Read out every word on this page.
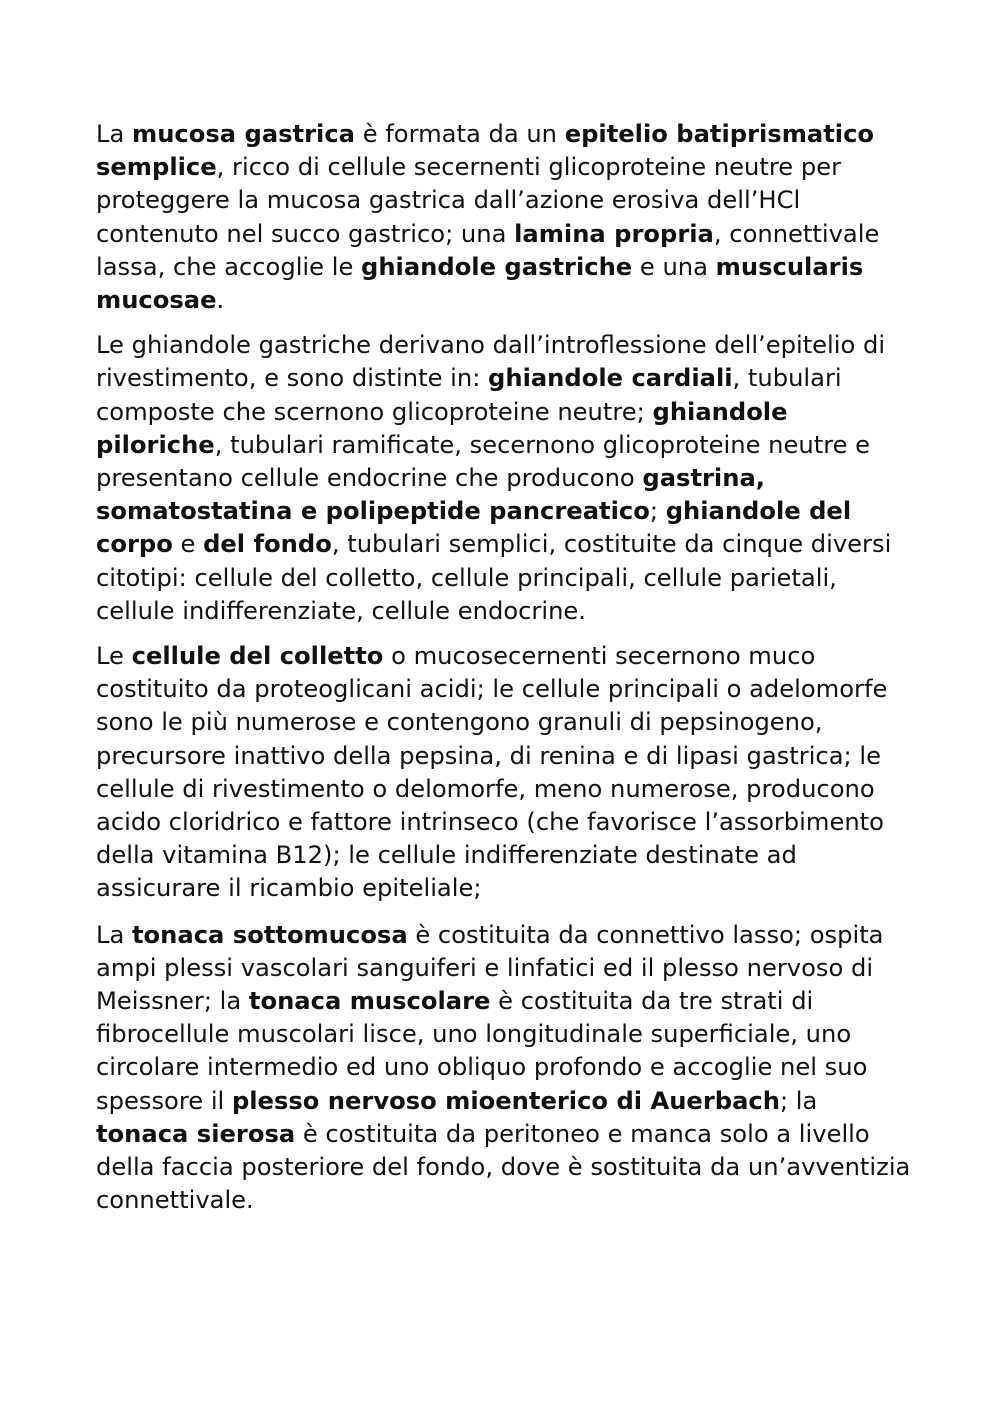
La mucosa gastrica è formata da un epitelio batiprismatico semplice, ricco di cellule secernenti glicoproteine neutre per proteggere la mucosa gastrica dall’azione erosiva dell’HCl contenuto nel succo gastrico; una lamina propria, connettivale lassa, che accoglie le ghiandole gastriche e una muscularis mucosae.

Le ghiandole gastriche derivano dall’introflessione dell’epitelio di rivestimento, e sono distinte in: ghiandole cardiali, tubulari composte che scernono glicoproteine neutre; ghiandole piloriche, tubulari ramificate, secernono glicoproteine neutre e presentano cellule endocrine che producono gastrina, somatostatina e polipeptide pancreatico; ghiandole del corpo e del fondo, tubulari semplici, costituite da cinque diversi citotipi: cellule del colletto, cellule principali, cellule parietali, cellule indifferenziate, cellule endocrine.

Le cellule del colletto o mucosecernenti secernono muco costituito da proteoglicani acidi; le cellule principali o adelomorfe sono le più numerose e contengono granuli di pepsinogeno, precursore inattivo della pepsina, di renina e di lipasi gastrica; le cellule di rivestimento o delomorfe, meno numerose, producono acido cloridrico e fattore intrinseco (che favorisce l’assorbimento della vitamina B12); le cellule indifferenziate destinate ad assicurare il ricambio epiteliale;

La tonaca sottomucosa è costituita da connettivo lasso; ospita ampi plessi vascolari sanguiferi e linfatici ed il plesso nervoso di Meissner; la tonaca muscolare è costituita da tre strati di fibrocellule muscolari lisce, uno longitudinale superficiale, uno circolare intermedio ed uno obliquo profondo e accoglie nel suo spessore il plesso nervoso mioenterico di Auerbach; la tonaca sierosa è costituita da peritoneo e manca solo a livello della faccia posteriore del fondo, dove è sostituita da un’avventizia connettivale.
